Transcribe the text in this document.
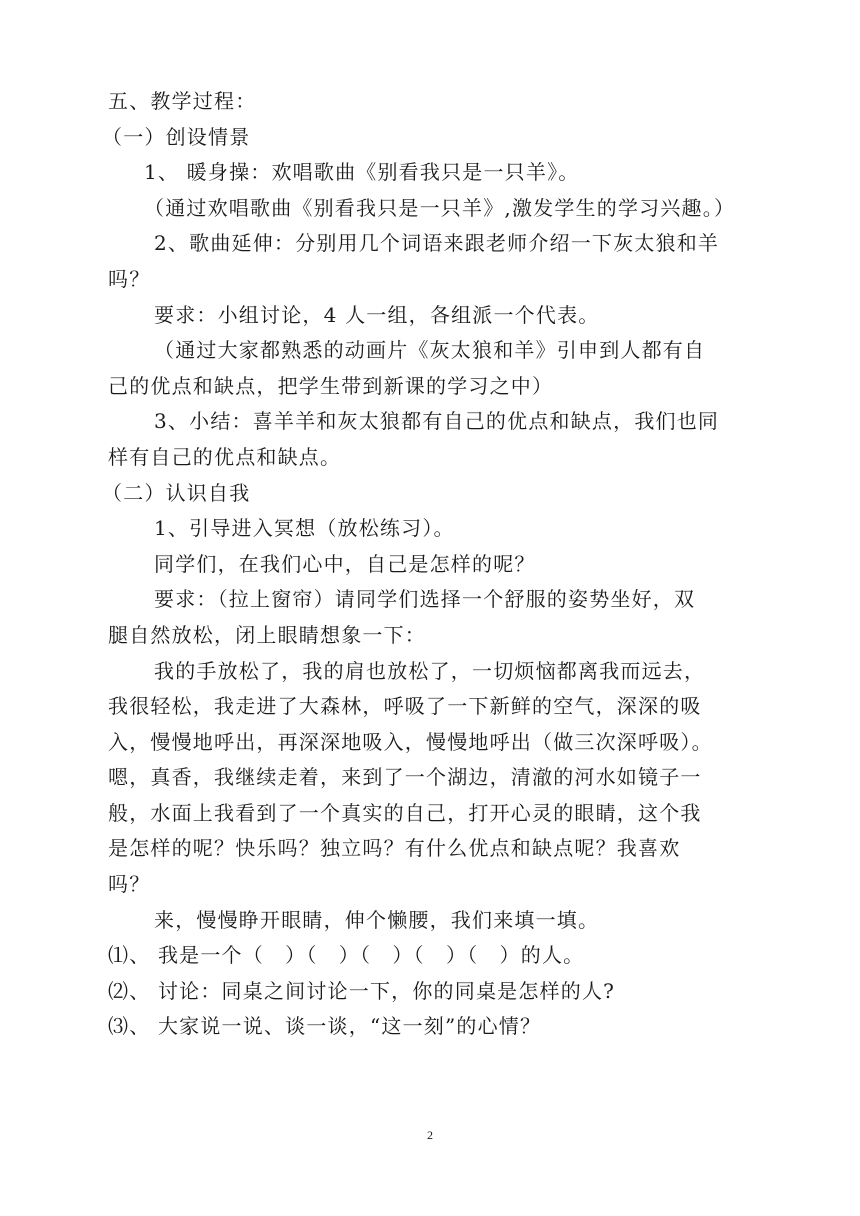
五、教学过程：
（一）创设情景
1、 暖身操：欢唱歌曲《别看我只是一只羊》。
（通过欢唱歌曲《别看我只是一只羊》,激发学生的学习兴趣。）
2、歌曲延伸：分别用几个词语来跟老师介绍一下灰太狼和羊
吗？
要求：小组讨论，4 人一组，各组派一个代表。
（通过大家都熟悉的动画片《灰太狼和羊》引申到人都有自
己的优点和缺点，把学生带到新课的学习之中）
3、小结：喜羊羊和灰太狼都有自己的优点和缺点，我们也同
样有自己的优点和缺点。
（二）认识自我
1、引导进入冥想（放松练习）。
同学们，在我们心中，自己是怎样的呢？
要求：（拉上窗帘）请同学们选择一个舒服的姿势坐好，双
腿自然放松，闭上眼睛想象一下：
我的手放松了，我的肩也放松了，一切烦恼都离我而远去，
我很轻松，我走进了大森林，呼吸了一下新鲜的空气，深深的吸
入，慢慢地呼出，再深深地吸入，慢慢地呼出（做三次深呼吸）。
嗯，真香，我继续走着，来到了一个湖边，清澈的河水如镜子一
般，水面上我看到了一个真实的自己，打开心灵的眼睛，这个我
是怎样的呢？快乐吗？独立吗？有什么优点和缺点呢？我喜欢
吗？
来，慢慢睁开眼睛，伸个懒腰，我们来填一填。
⑴、 我是一个（　）（　）（　）（　）（　）的人。
⑵、 讨论：同桌之间讨论一下，你的同桌是怎样的人?
⑶、 大家说一说、谈一谈，“这一刻”的心情？
2
